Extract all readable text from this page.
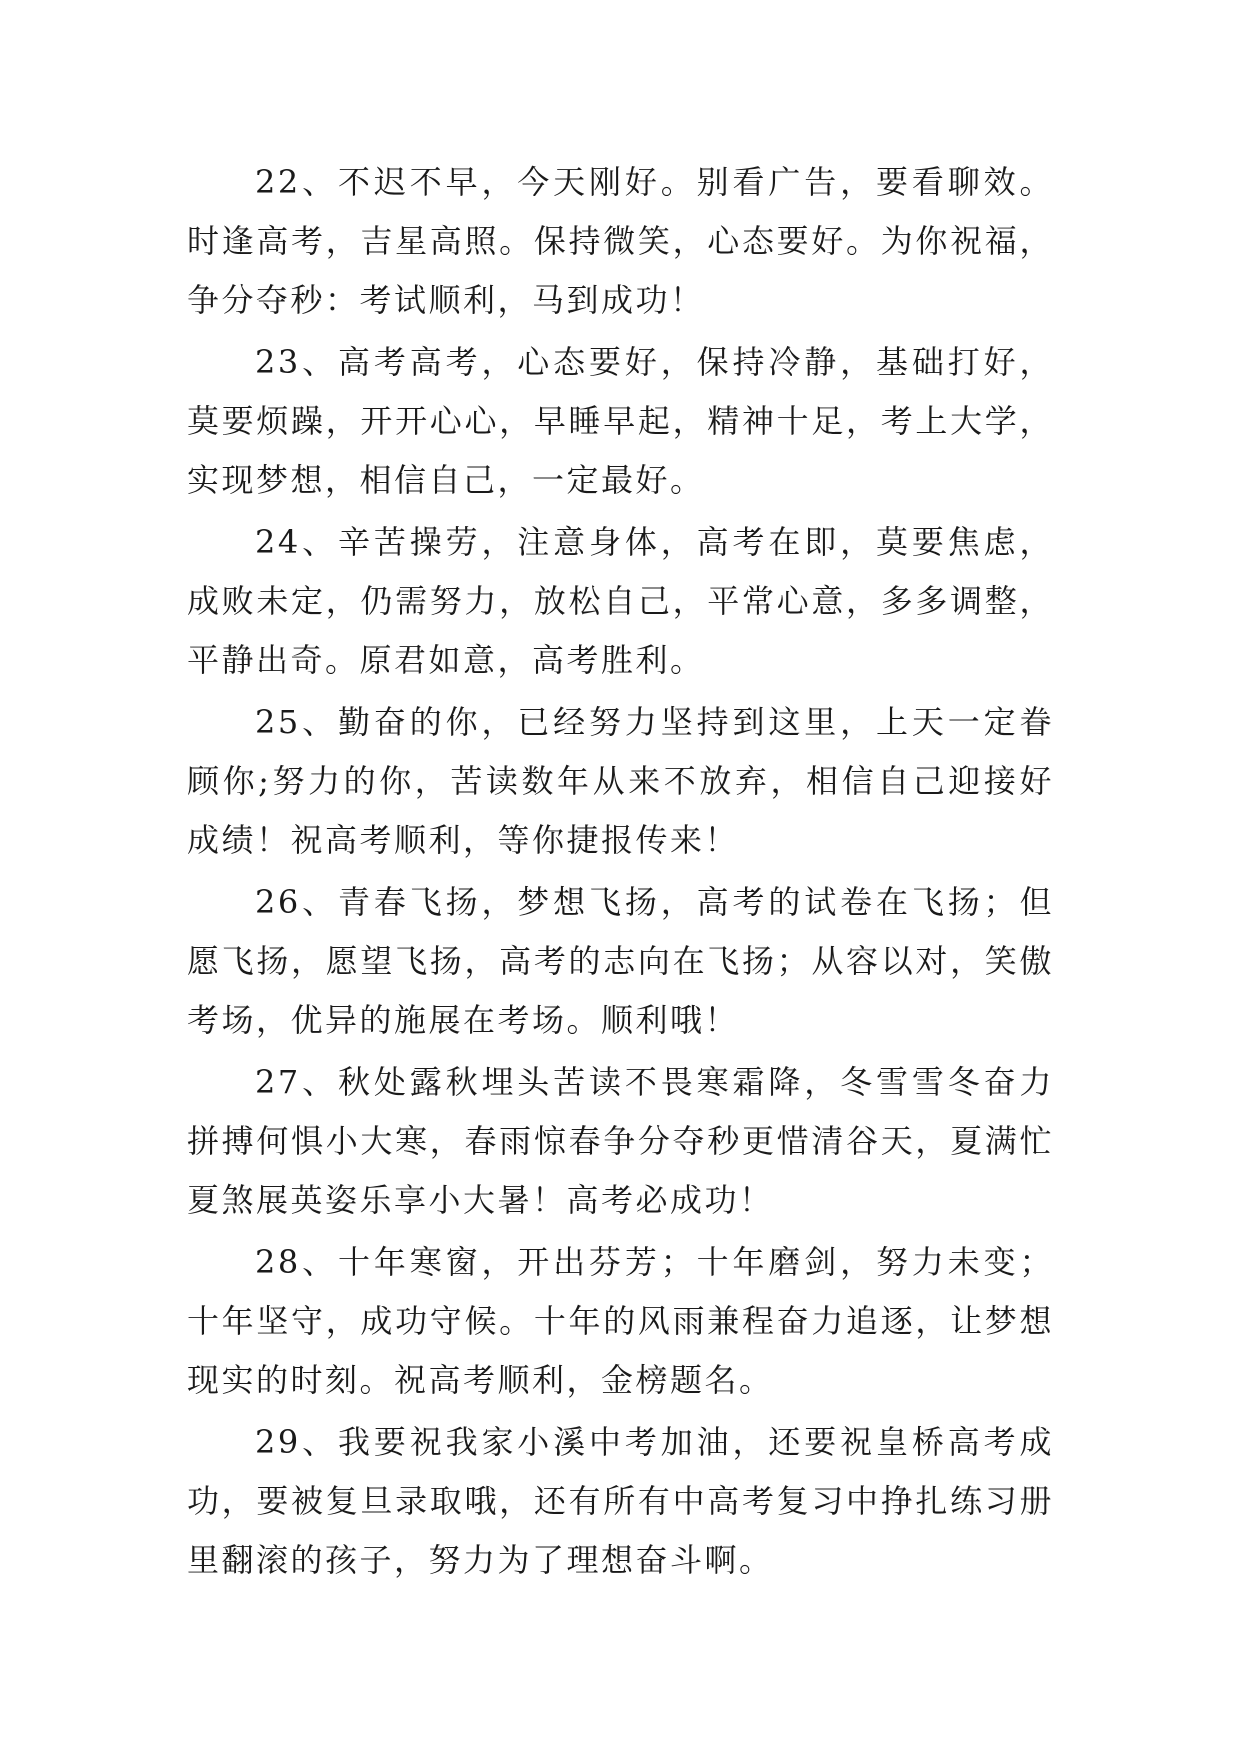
22、不迟不早，今天刚好。别看广告，要看聊效。时逢高考，吉星高照。保持微笑，心态要好。为你祝福，争分夺秒：考试顺利，马到成功！

23、高考高考，心态要好，保持冷静，基础打好，莫要烦躁，开开心心，早睡早起，精神十足，考上大学，实现梦想，相信自己，一定最好。

24、辛苦操劳，注意身体，高考在即，莫要焦虑，成败未定，仍需努力，放松自己，平常心意，多多调整，平静出奇。原君如意，高考胜利。

25、勤奋的你，已经努力坚持到这里，上天一定眷顾你;努力的你，苦读数年从来不放弃，相信自己迎接好成绩！祝高考顺利，等你捷报传来！

26、青春飞扬，梦想飞扬，高考的试卷在飞扬；但愿飞扬，愿望飞扬，高考的志向在飞扬；从容以对，笑傲考场，优异的施展在考场。顺利哦！

27、秋处露秋埋头苦读不畏寒霜降，冬雪雪冬奋力拼搏何惧小大寒，春雨惊春争分夺秒更惜清谷天，夏满忙夏煞展英姿乐享小大暑！高考必成功！

28、十年寒窗，开出芬芳；十年磨剑，努力未变；十年坚守，成功守候。十年的风雨兼程奋力追逐，让梦想现实的时刻。祝高考顺利，金榜题名。

29、我要祝我家小溪中考加油，还要祝皇桥高考成功，要被复旦录取哦，还有所有中高考复习中挣扎练习册里翻滚的孩子，努力为了理想奋斗啊。
